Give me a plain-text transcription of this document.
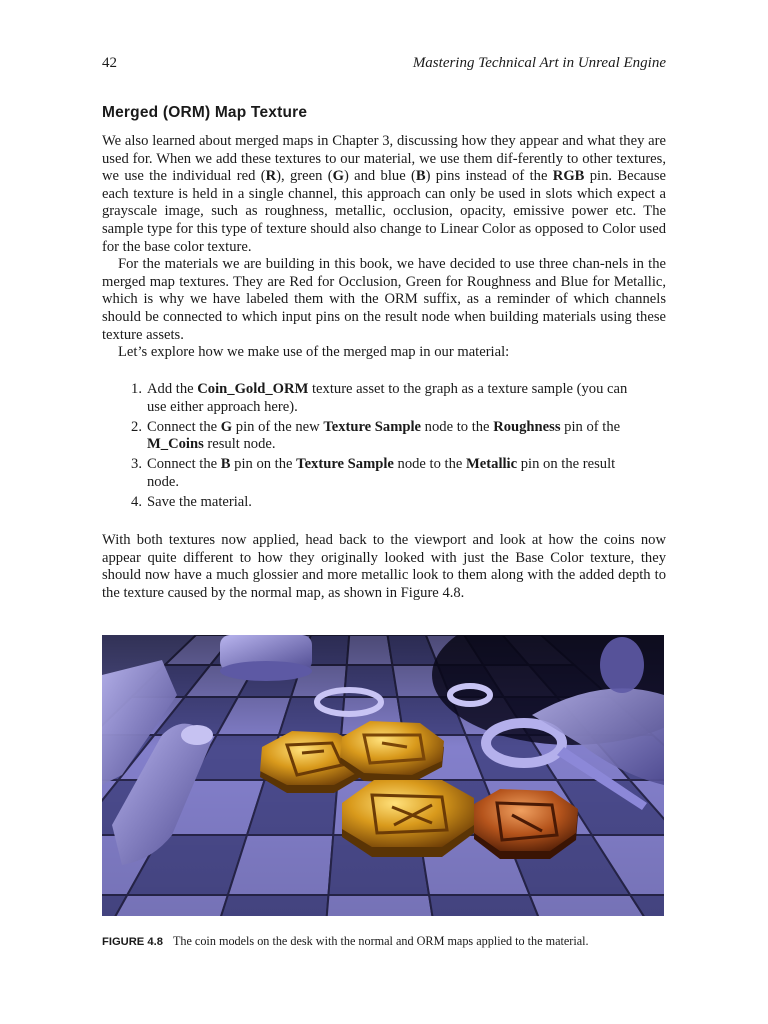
42	Mastering Technical Art in Unreal Engine
Merged (ORM) Map Texture

We also learned about merged maps in Chapter 3, discussing how they appear and what they are used for. When we add these textures to our material, we use them dif-ferently to other textures, we use the individual red (R), green (G) and blue (B) pins instead of the RGB pin. Because each texture is held in a single channel, this approach can only be used in slots which expect a grayscale image, such as roughness, metallic, occlusion, opacity, emissive power etc. The sample type for this type of texture should also change to Linear Color as opposed to Color used for the base color texture.

For the materials we are building in this book, we have decided to use three chan-nels in the merged map textures. They are Red for Occlusion, Green for Roughness and Blue for Metallic, which is why we have labeled them with the ORM suffix, as a reminder of which channels should be connected to which input pins on the result node when building materials using these texture assets.

Let’s explore how we make use of the merged map in our material:

1. Add the Coin_Gold_ORM texture asset to the graph as a texture sample (you can use either approach here).
2. Connect the G pin of the new Texture Sample node to the Roughness pin of the M_Coins result node.
3. Connect the B pin on the Texture Sample node to the Metallic pin on the result node.
4. Save the material.

With both textures now applied, head back to the viewport and look at how the coins now appear quite different to how they originally looked with just the Base Color texture, they should now have a much glossier and more metallic look to them along with the added depth to the texture caused by the normal map, as shown in Figure 4.8.

FIGURE 4.8 The coin models on the desk with the normal and ORM maps applied to the material.
